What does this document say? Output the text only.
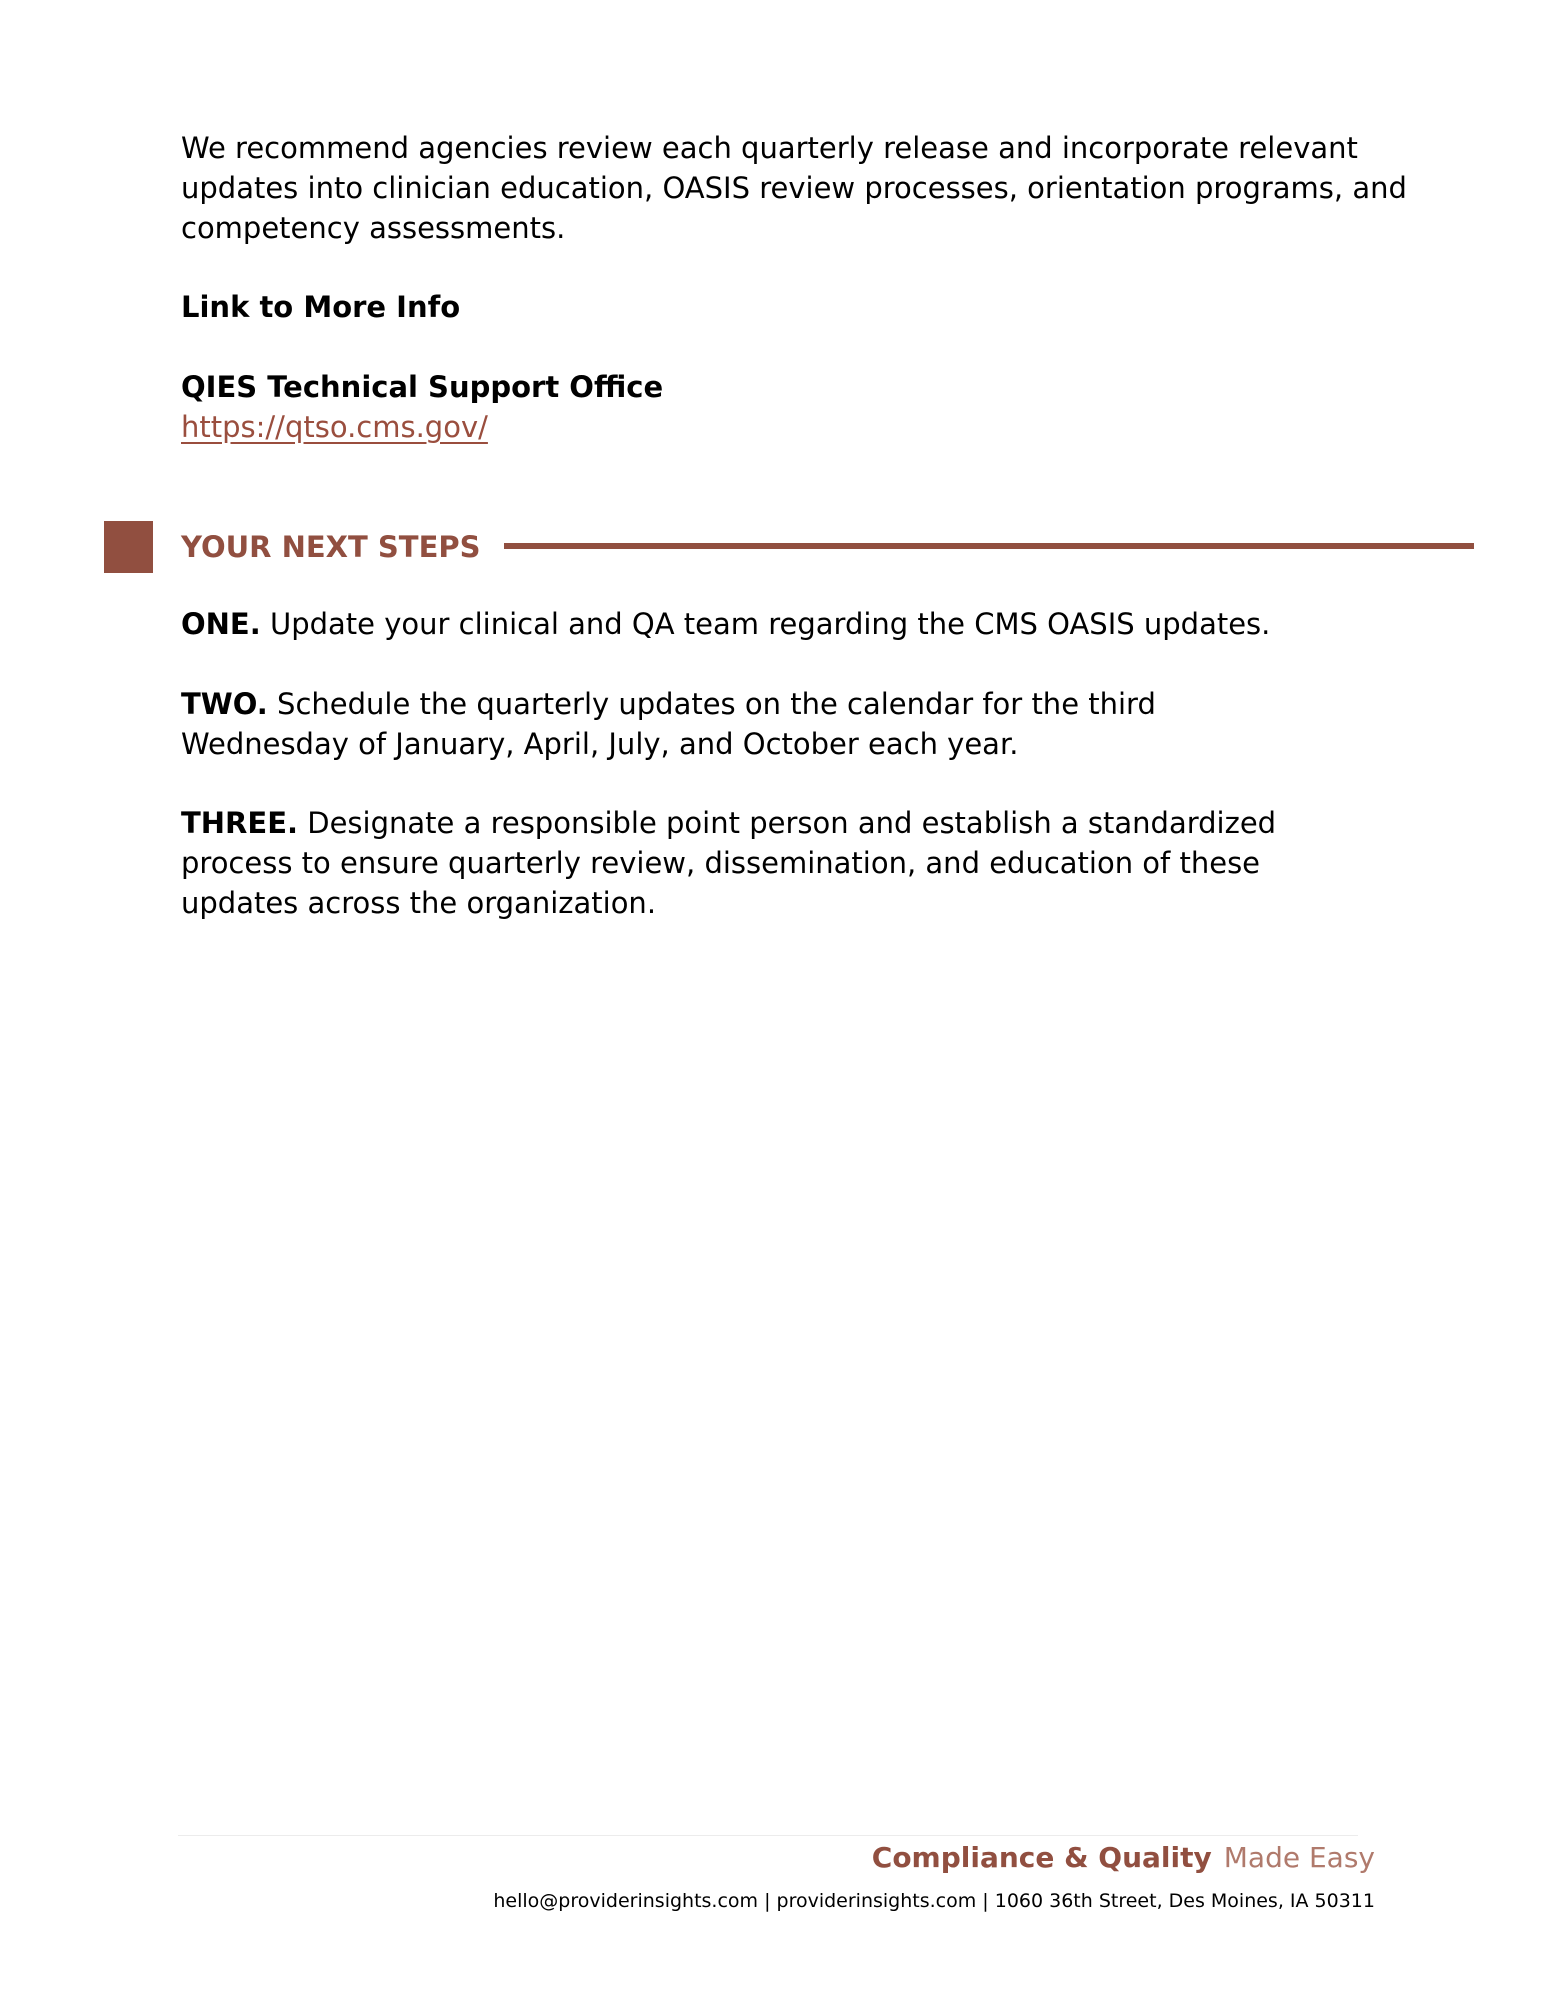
We recommend agencies review each quarterly release and incorporate relevant updates into clinician education, OASIS review processes, orientation programs, and competency assessments.

Link to More Info

QIES Technical Support Office

https://qtso.cms.gov/
YOUR NEXT STEPS

ONE. Update your clinical and QA team regarding the CMS OASIS updates.

TWO. Schedule the quarterly updates on the calendar for the third Wednesday of January, April, July, and October each year.

THREE. Designate a responsible point person and establish a standardized process to ensure quarterly review, dissemination, and education of these updates across the organization.

Compliance & Quality Made Easy
hello@providerinsights.com | providerinsights.com | 1060 36th Street, Des Moines, IA 50311
